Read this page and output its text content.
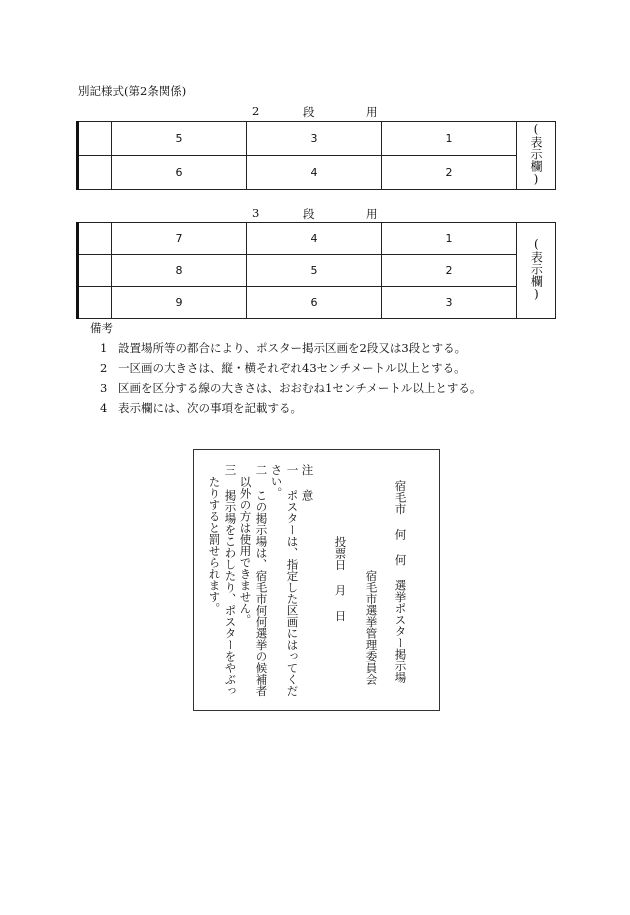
別記様式(第2条関係)
2	段	用
	5	3	1	(表示欄)
	6	4	2	
3	段	用
	7	4	1	(表示欄)
	8	5	2	
	9	6	3	
備考
1 設置場所等の都合により、ポスター掲示区画を2段又は3段とする。
2 一区画の大きさは、縦・横それぞれ43センチメートル以上とする。
3 区画を区分する線の大きさは、おおむね1センチメートル以上とする。
4 表示欄には、次の事項を記載する。
宿毛市 何 何 選挙ポスター掲示場
宿毛市選挙管理委員会
投票日 月 日
注 意
一 ポスターは、指定した区画にはってくだ
さい。
二 この掲示場は、宿毛市何何選挙の候補者
以外の方は使用できません。
三 掲示場をこわしたり、ポスターをやぶっ
たりすると罰せられます。
